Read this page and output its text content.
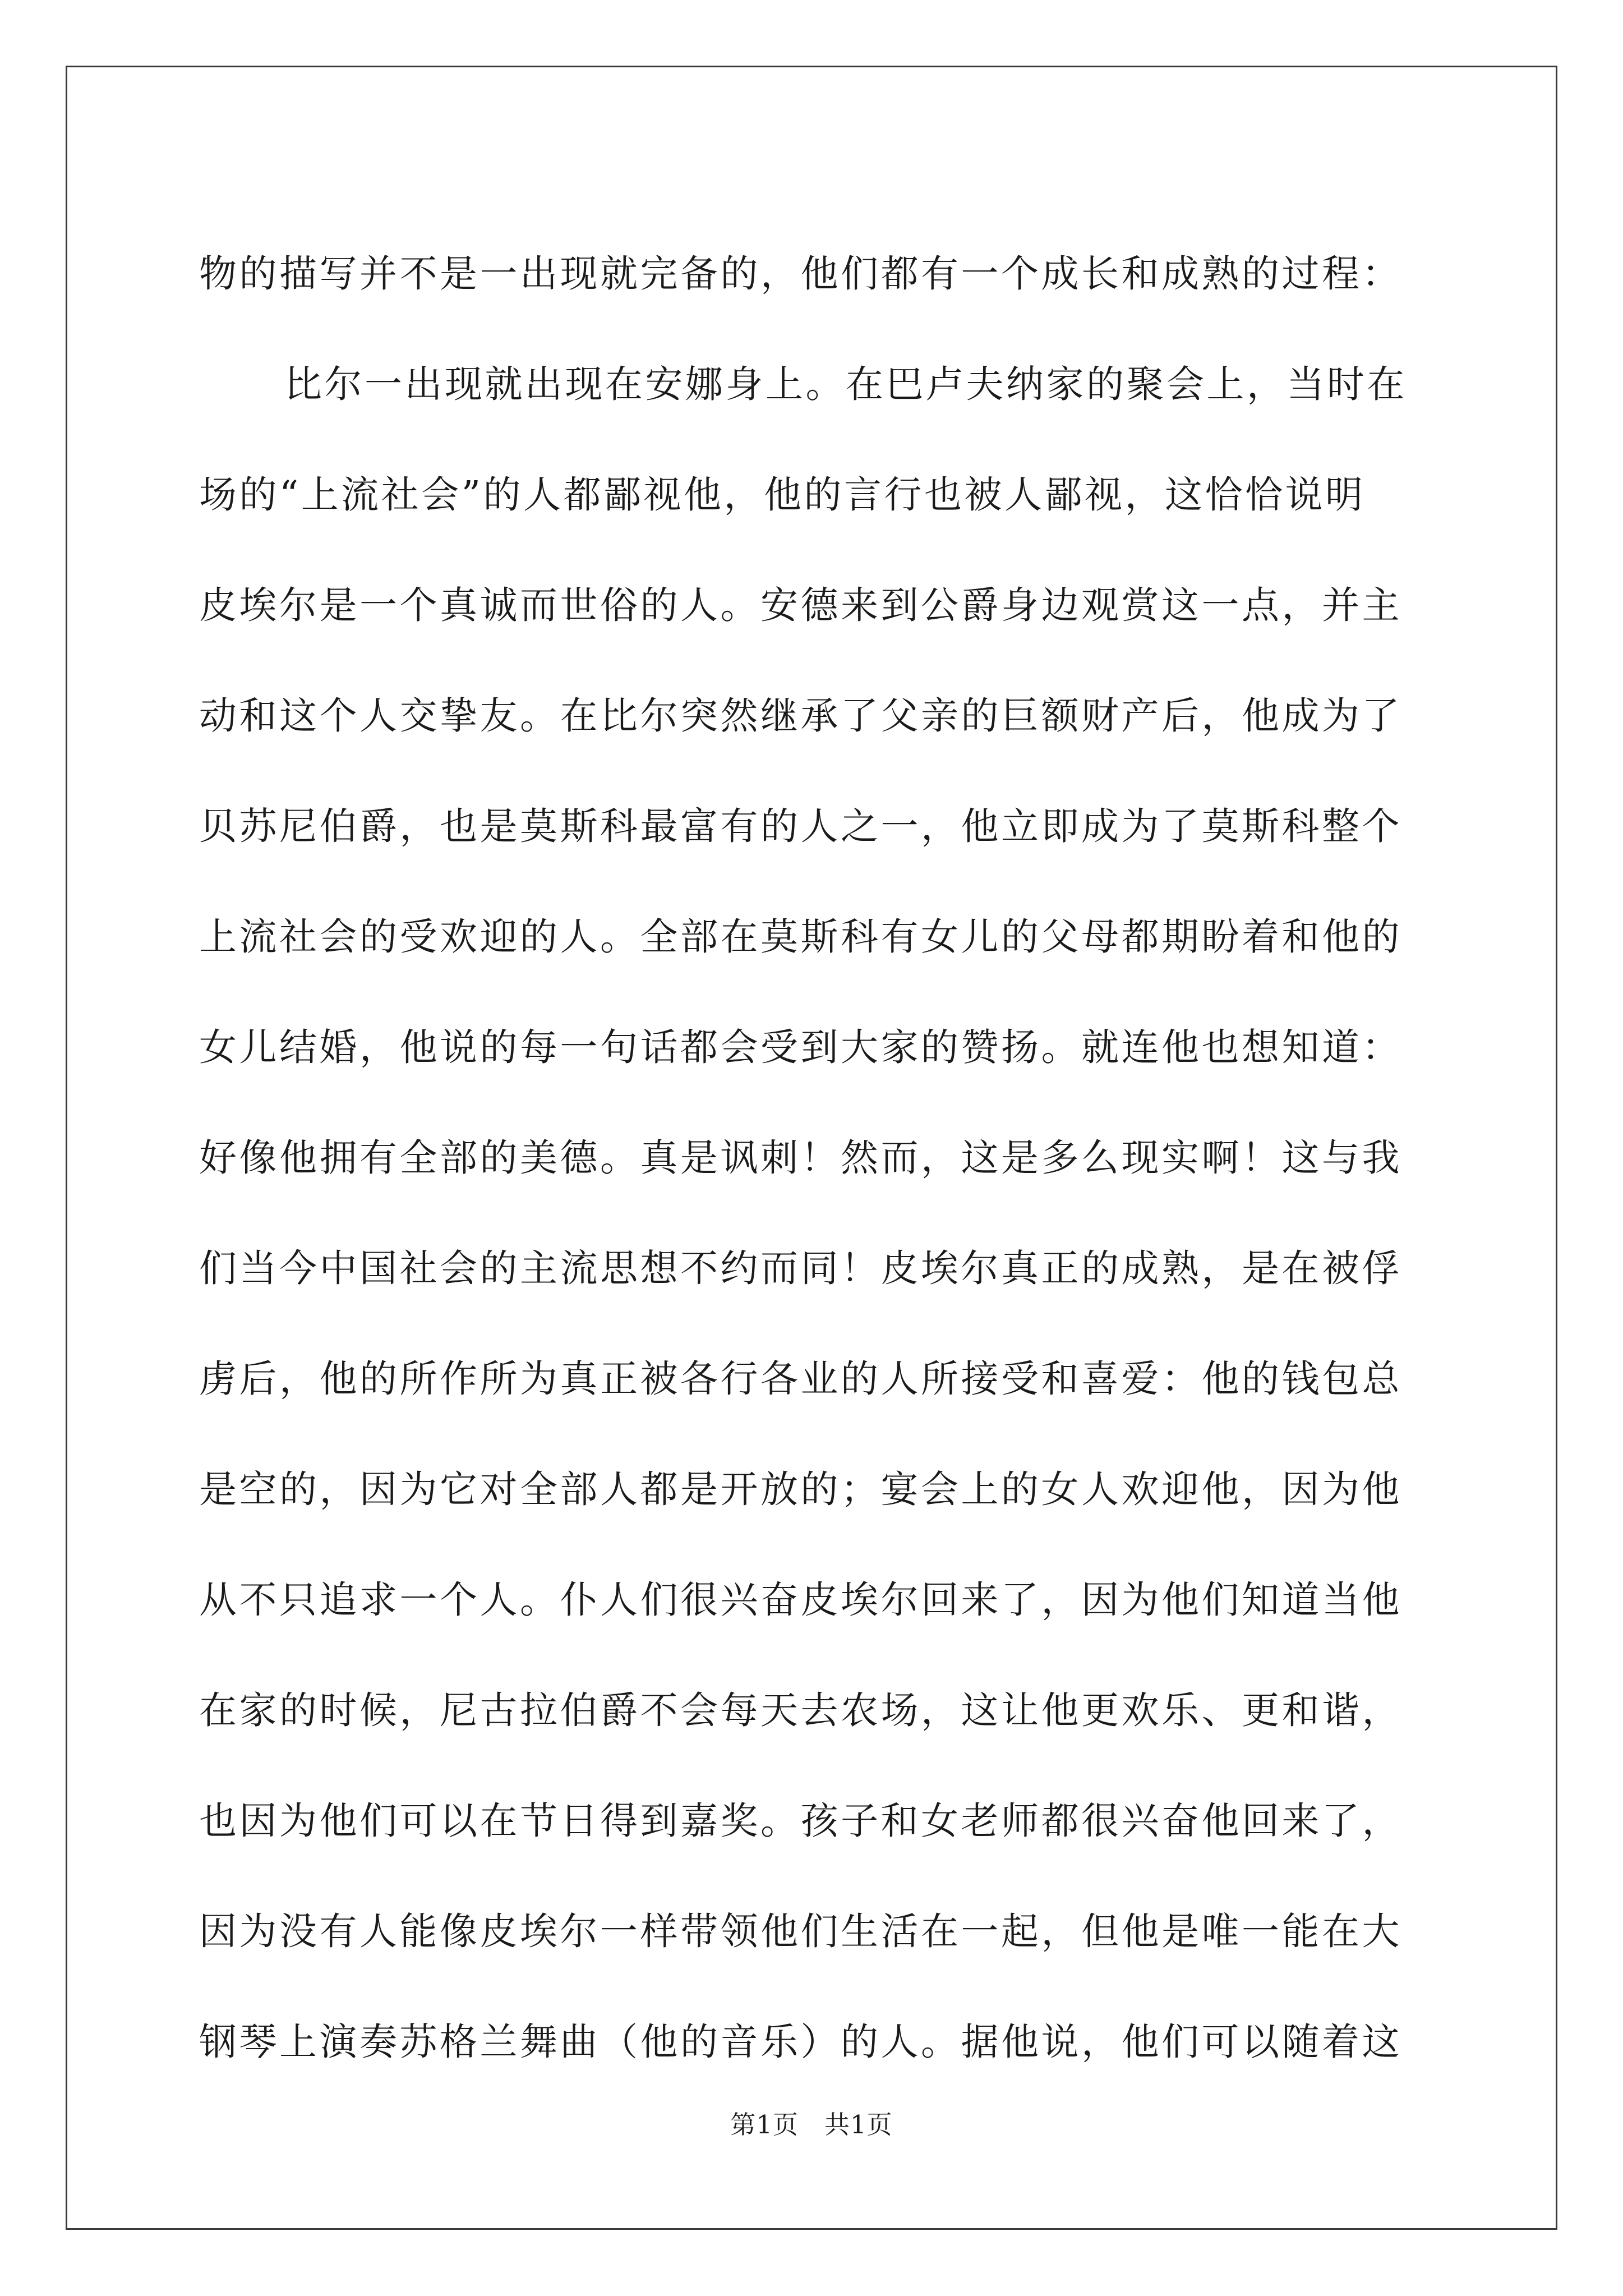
物的描写并不是一出现就完备的，他们都有一个成长和成熟的过程：
比尔一出现就出现在安娜身上。在巴卢夫纳家的聚会上，当时在
场的“上流社会”的人都鄙视他，他的言行也被人鄙视，这恰恰说明
皮埃尔是一个真诚而世俗的人。安德来到公爵身边观赏这一点，并主
动和这个人交挚友。在比尔突然继承了父亲的巨额财产后，他成为了
贝苏尼伯爵，也是莫斯科最富有的人之一，他立即成为了莫斯科整个
上流社会的受欢迎的人。全部在莫斯科有女儿的父母都期盼着和他的
女儿结婚，他说的每一句话都会受到大家的赞扬。就连他也想知道：
好像他拥有全部的美德。真是讽刺！然而，这是多么现实啊！这与我
们当今中国社会的主流思想不约而同！皮埃尔真正的成熟，是在被俘
虏后，他的所作所为真正被各行各业的人所接受和喜爱：他的钱包总
是空的，因为它对全部人都是开放的；宴会上的女人欢迎他，因为他
从不只追求一个人。仆人们很兴奋皮埃尔回来了，因为他们知道当他
在家的时候，尼古拉伯爵不会每天去农场，这让他更欢乐、更和谐，
也因为他们可以在节日得到嘉奖。孩子和女老师都很兴奋他回来了，
因为没有人能像皮埃尔一样带领他们生活在一起，但他是唯一能在大
钢琴上演奏苏格兰舞曲（他的音乐）的人。据他说，他们可以随着这
第1页　共1页
